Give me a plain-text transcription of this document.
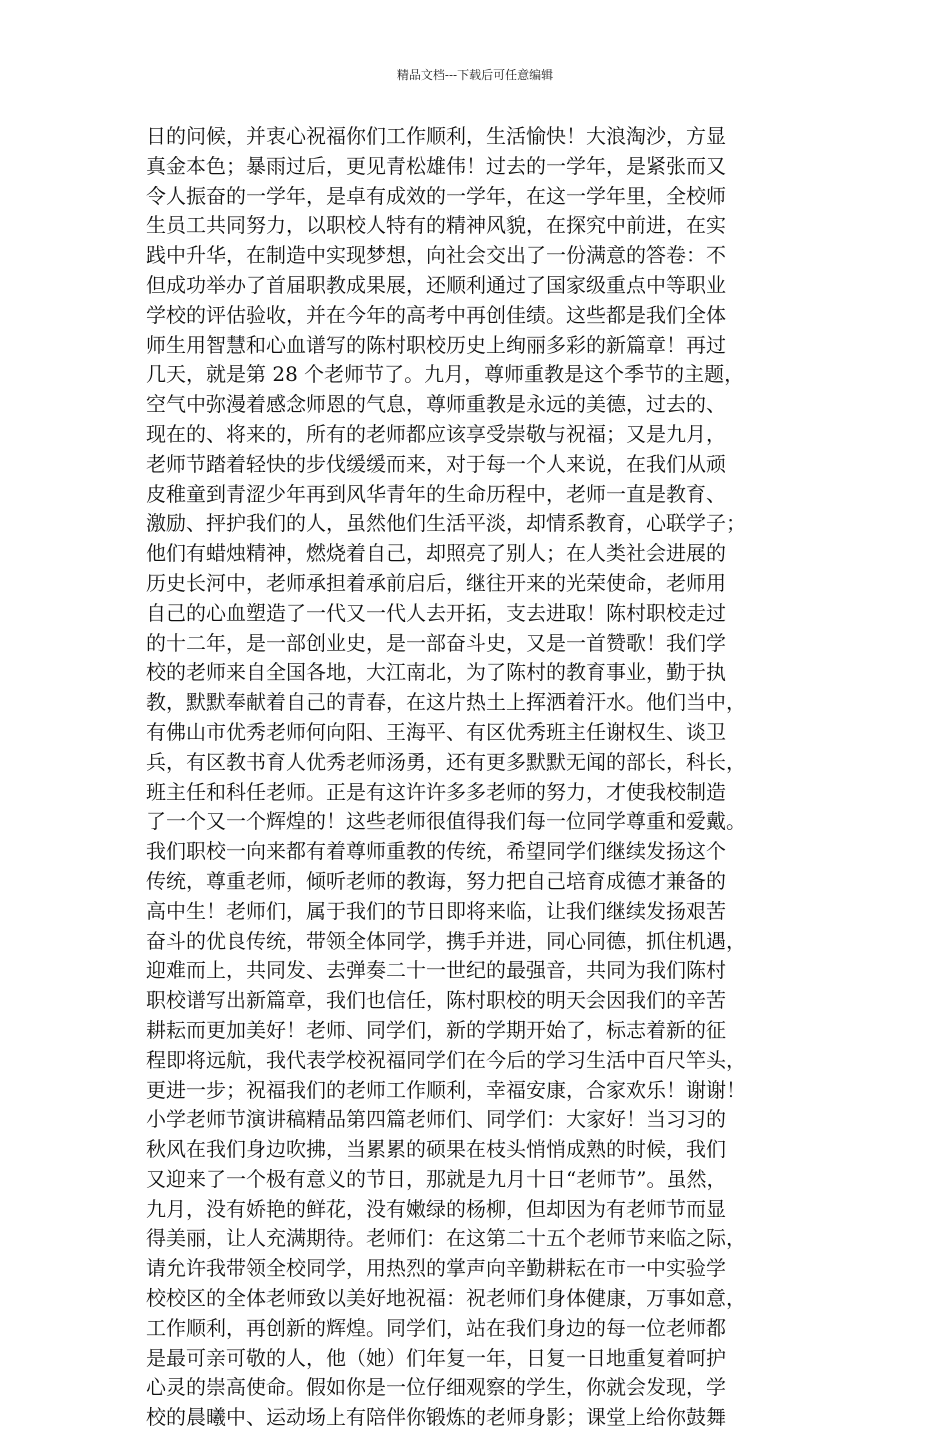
精品文档---下载后可任意编辑
日的问候，并衷心祝福你们工作顺利，生活愉快！大浪淘沙，方显
真金本色；暴雨过后，更见青松雄伟！过去的一学年，是紧张而又
令人振奋的一学年，是卓有成效的一学年，在这一学年里，全校师
生员工共同努力，以职校人特有的精神风貌，在探究中前进，在实
践中升华，在制造中实现梦想，向社会交出了一份满意的答卷：不
但成功举办了首届职教成果展，还顺利通过了国家级重点中等职业
学校的评估验收，并在今年的高考中再创佳绩。这些都是我们全体
师生用智慧和心血谱写的陈村职校历史上绚丽多彩的新篇章！再过
几天，就是第 28 个老师节了。九月，尊师重教是这个季节的主题，
空气中弥漫着感念师恩的气息，尊师重教是永远的美德，过去的、
现在的、将来的，所有的老师都应该享受崇敬与祝福；又是九月，
老师节踏着轻快的步伐缓缓而来，对于每一个人来说，在我们从顽
皮稚童到青涩少年再到风华青年的生命历程中，老师一直是教育、
激励、抨护我们的人，虽然他们生活平淡，却情系教育，心联学子；
他们有蜡烛精神，燃烧着自己，却照亮了别人；在人类社会进展的
历史长河中，老师承担着承前启后，继往开来的光荣使命，老师用
自己的心血塑造了一代又一代人去开拓，支去进取！陈村职校走过
的十二年，是一部创业史，是一部奋斗史，又是一首赞歌！我们学
校的老师来自全国各地，大江南北，为了陈村的教育事业，勤于执
教，默默奉献着自己的青春，在这片热土上挥洒着汗水。他们当中，
有佛山市优秀老师何向阳、王海平、有区优秀班主任谢权生、谈卫
兵，有区教书育人优秀老师汤勇，还有更多默默无闻的部长，科长，
班主任和科任老师。正是有这许许多多老师的努力，才使我校制造
了一个又一个辉煌的！这些老师很值得我们每一位同学尊重和爱戴。
我们职校一向来都有着尊师重教的传统，希望同学们继续发扬这个
传统，尊重老师，倾听老师的教诲，努力把自己培育成德才兼备的
高中生！老师们，属于我们的节日即将来临，让我们继续发扬艰苦
奋斗的优良传统，带领全体同学，携手并进，同心同德，抓住机遇，
迎难而上，共同发、去弹奏二十一世纪的最强音，共同为我们陈村
职校谱写出新篇章，我们也信任，陈村职校的明天会因我们的辛苦
耕耘而更加美好！老师、同学们，新的学期开始了，标志着新的征
程即将远航，我代表学校祝福同学们在今后的学习生活中百尺竿头，
更进一步；祝福我们的老师工作顺利，幸福安康，合家欢乐！谢谢！
小学老师节演讲稿精品第四篇老师们、同学们：大家好！当习习的
秋风在我们身边吹拂，当累累的硕果在枝头悄悄成熟的时候，我们
又迎来了一个极有意义的节日，那就是九月十日“老师节”。虽然，
九月，没有娇艳的鲜花，没有嫩绿的杨柳，但却因为有老师节而显
得美丽，让人充满期待。老师们：在这第二十五个老师节来临之际，
请允许我带领全校同学，用热烈的掌声向辛勤耕耘在市一中实验学
校校区的全体老师致以美好地祝福：祝老师们身体健康，万事如意，
工作顺利，再创新的辉煌。同学们，站在我们身边的每一位老师都
是最可亲可敬的人，他（她）们年复一年，日复一日地重复着呵护
心灵的崇高使命。假如你是一位仔细观察的学生，你就会发现，学
校的晨曦中、运动场上有陪伴你锻炼的老师身影；课堂上给你鼓舞
